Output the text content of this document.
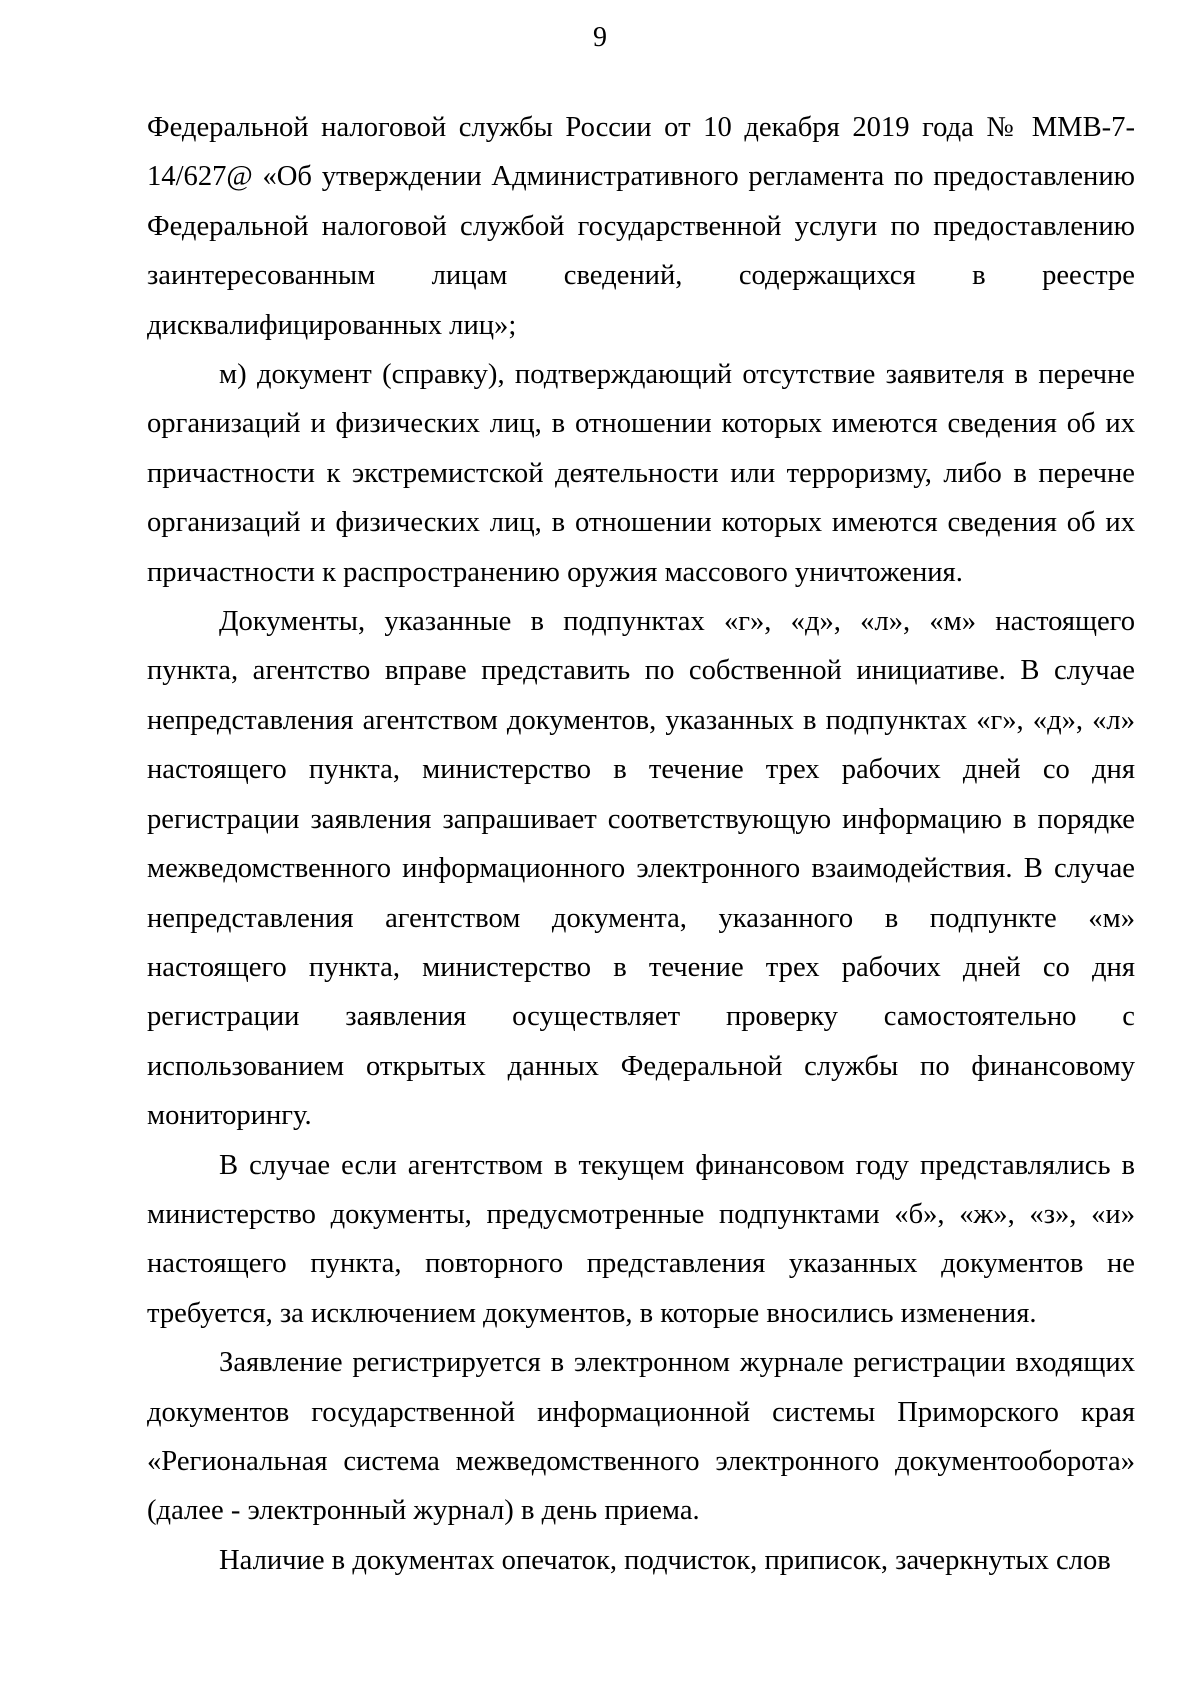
9

Федеральной налоговой службы России от 10 декабря 2019 года № ММВ-7-14/627@ «Об утверждении Административного регламента по предоставлению Федеральной налоговой службой государственной услуги по предоставлению заинтересованным лицам сведений, содержащихся в реестре дисквалифицированных лиц»;

м) документ (справку), подтверждающий отсутствие заявителя в перечне организаций и физических лиц, в отношении которых имеются сведения об их причастности к экстремистской деятельности или терроризму, либо в перечне организаций и физических лиц, в отношении которых имеются сведения об их причастности к распространению оружия массового уничтожения.

Документы, указанные в подпунктах «г», «д», «л», «м» настоящего пункта, агентство вправе представить по собственной инициативе. В случае непредставления агентством документов, указанных в подпунктах «г», «д», «л» настоящего пункта, министерство в течение трех рабочих дней со дня регистрации заявления запрашивает соответствующую информацию в порядке межведомственного информационного электронного взаимодействия. В случае непредставления агентством документа, указанного в подпункте «м» настоящего пункта, министерство в течение трех рабочих дней со дня регистрации заявления осуществляет проверку самостоятельно с использованием открытых данных Федеральной службы по финансовому мониторингу.

В случае если агентством в текущем финансовом году представлялись в министерство документы, предусмотренные подпунктами «б», «ж», «з», «и» настоящего пункта, повторного представления указанных документов не требуется, за исключением документов, в которые вносились изменения.

Заявление регистрируется в электронном журнале регистрации входящих документов государственной информационной системы Приморского края «Региональная система межведомственного электронного документооборота» (далее - электронный журнал) в день приема.

Наличие в документах опечаток, подчисток, приписок, зачеркнутых слов
